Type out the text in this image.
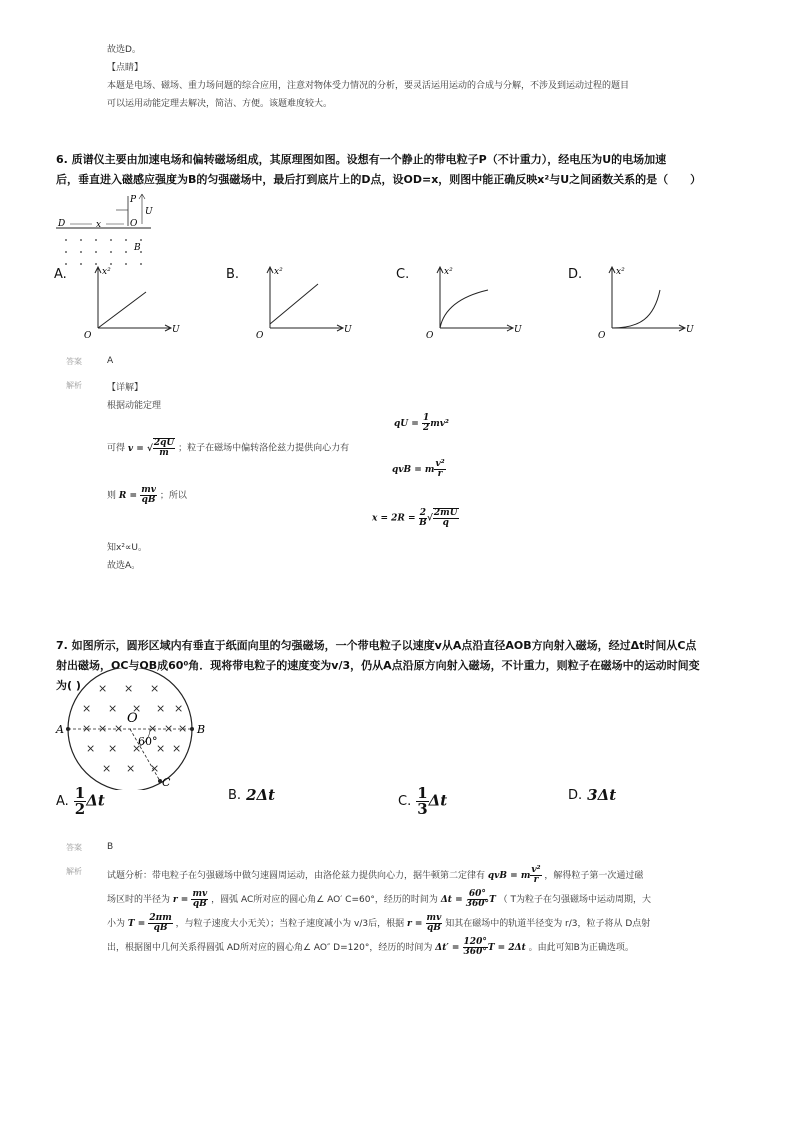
故选D。
【点睛】
本题是电场、磁场、重力场问题的综合应用，注意对物体受力情况的分析，要灵活运用运动的合成与分解，不涉及到运动过程的题目
可以运用动能定理去解决，简洁、方便。该题难度较大。
6. 质谱仪主要由加速电场和偏转磁场组成，其原理图如图。设想有一个静止的带电粒子P（不计重力），经电压为U的电场加速
后，垂直进入磁感应强度为B的匀强磁场中，最后打到底片上的D点，设OD=x，则图中能正确反映x²与U之间函数关系的是（　　）
D	x	O
P
U
B
A.	x²
U
O
B.	x²
U
O
C.	x²
U
O
D.	x²
U
O
答案	A
解析	【详解】
根据动能定理
qU = $\frac{1}{2} mv^2$
可得 v = √ $\frac{2qU}{m}$ ；粒子在磁场中偏转洛伦兹力提供向心力有
qvB = m $\frac{\text{v²}}{r}$
则 $R = \frac{mv}{qB}$ ；所以
$x = 2R = \frac{2}{B}$ √ $\frac{2mU}{q}$
知x²∝U。
故选A。
7. 如图所示，圆形区域内有垂直于纸面向里的匀强磁场，一个带电粒子以速度v从A点沿直径AOB方向射入磁场，经过Δt时间从C点
射出磁场，OC与OB成60⁰角．现将带电粒子的速度变为v/3，仍从A点沿原方向射入磁场，不计重力，则粒子在磁场中的运动时间变
为( ) × × ×
× × × × ×
× × × × × ×
× × × × ×
× × ×
A	B
O
C
60°
A. $\frac{1}{2}$ Δt	B. 2Δt	C. $\frac{1}{3}$ Δt	D. 3Δt
答案	B
解析	试题分析：带电粒子在匀强磁场中做匀速圆周运动，由洛伦兹力提供向心力，据牛顿第二定律有 qvB = m $\frac{\text{v²}}{r}$ ，解得粒子第一次通过磁
场区时的半径为 $r = \frac{mv}{qB}$ ，圆弧 AC所对应的圆心角∠ AO′ C=60°，经历的时间为 $\Delta t = \frac{60^\circ}{360^\circ}$ T （ T为粒子在匀强磁场中运动周期，大
小为 $T = \frac{2\pi m}{qB}$ ，与粒子速度大小无关）；当粒子速度减小为 v/3后，根据 $r = \frac{mv}{qB}$ 知其在磁场中的轨道半径变为 r/3，粒子将从 D点射
出，根据图中几何关系得圆弧 AD所对应的圆心角∠ AO″ D=120°，经历的时间为 $\Delta t' = \frac{120^\circ}{360^\circ}$ T = 2Δt 。由此可知B为正确选项。
